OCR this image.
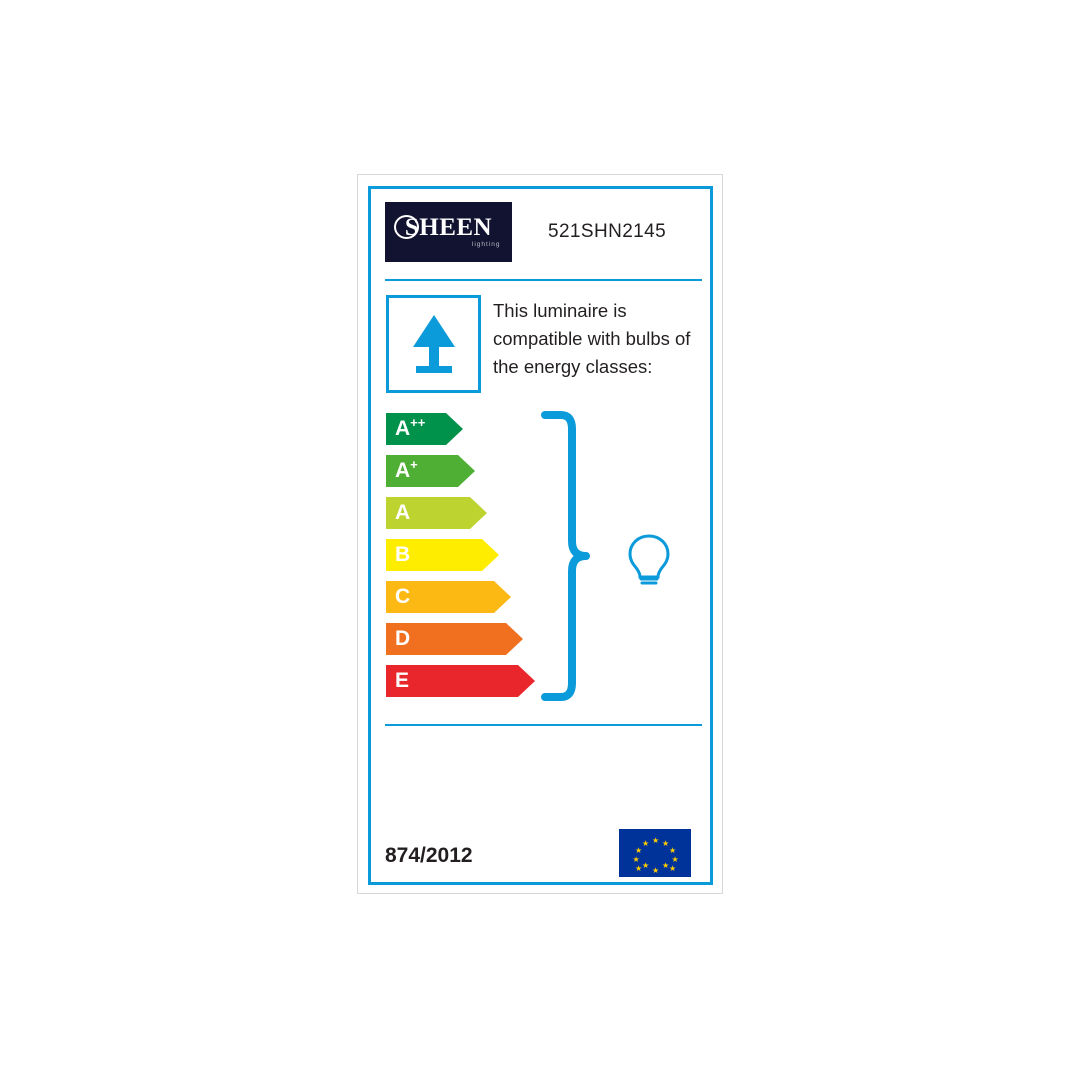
SHEEN
lighting
521SHN2145
This luminaire is compatible with bulbs of the energy classes:
A++
A+
A
B
C
D
E
874/2012
★ ★
★
★
★
★
★
★
★
★
★
★
